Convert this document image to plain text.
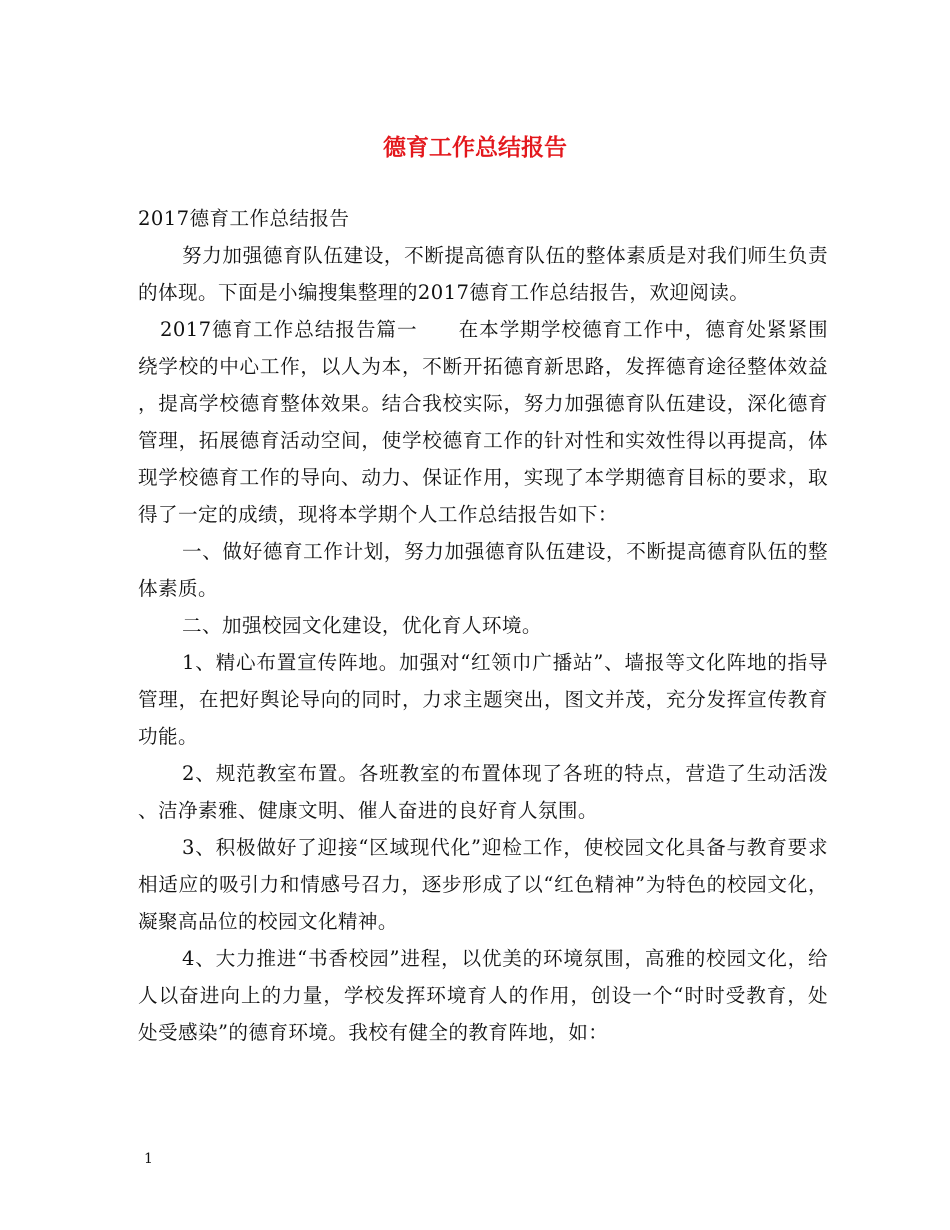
德育工作总结报告

2017德育工作总结报告

努力加强德育队伍建设，不断提高德育队伍的整体素质是对我们师生负责的体现。下面是小编搜集整理的2017德育工作总结报告，欢迎阅读。

2017德育工作总结报告篇一　　在本学期学校德育工作中，德育处紧紧围绕学校的中心工作，以人为本，不断开拓德育新思路，发挥德育途径整体效益，提高学校德育整体效果。结合我校实际，努力加强德育队伍建设，深化德育管理，拓展德育活动空间，使学校德育工作的针对性和实效性得以再提高，体现学校德育工作的导向、动力、保证作用，实现了本学期德育目标的要求，取得了一定的成绩，现将本学期个人工作总结报告如下：

一、做好德育工作计划，努力加强德育队伍建设，不断提高德育队伍的整体素质。

二、加强校园文化建设，优化育人环境。

1、精心布置宣传阵地。加强对“红领巾广播站”、墙报等文化阵地的指导管理，在把好舆论导向的同时，力求主题突出，图文并茂，充分发挥宣传教育功能。

2、规范教室布置。各班教室的布置体现了各班的特点，营造了生动活泼、洁净素雅、健康文明、催人奋进的良好育人氛围。

3、积极做好了迎接“区域现代化”迎检工作，使校园文化具备与教育要求相适应的吸引力和情感号召力，逐步形成了以“红色精神”为特色的校园文化，凝聚高品位的校园文化精神。

4、大力推进“书香校园”进程，以优美的环境氛围，高雅的校园文化，给人以奋进向上的力量，学校发挥环境育人的作用，创设一个“时时受教育，处处受感染”的德育环境。我校有健全的教育阵地，如：

1
